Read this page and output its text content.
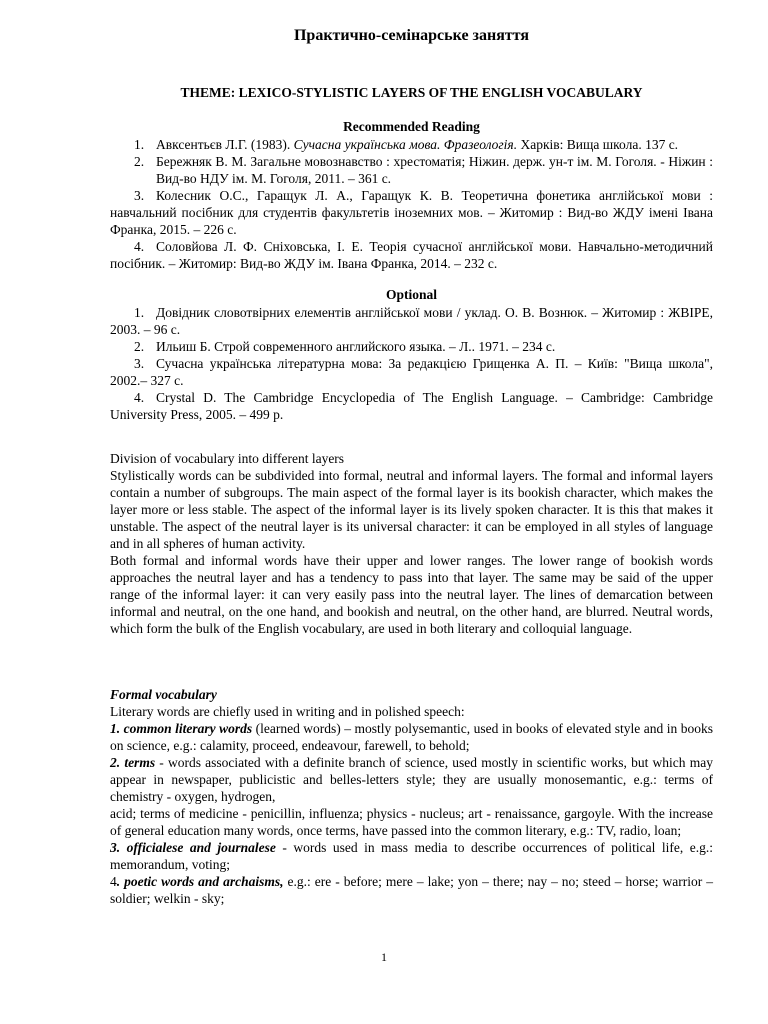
Практично-семінарське заняття
THEME: LEXICO-STYLISTIC LAYERS OF THE ENGLISH VOCABULARY
Recommended Reading
1. Авксентьєв Л.Г. (1983). Сучасна українська мова. Фразеологія. Харків: Вища школа. 137 с.
2. Бережняк В. М. Загальне мовознавство : хрестоматія; Ніжин. держ. ун-т ім. М. Гоголя. - Ніжин : Вид-во НДУ ім. М. Гоголя, 2011. – 361 с.
3. Колесник О.С., Гаращук Л. А., Гаращук К. В. Теоретична фонетика англійської мови : навчальний посібник для студентів факультетів іноземних мов. – Житомир : Вид-во ЖДУ імені Івана Франка, 2015. – 226 с.
4. Соловйова Л. Ф. Сніховська, І. Е. Теорія сучасної англійської мови. Навчально-методичний посібник. – Житомир: Вид-во ЖДУ ім. Івана Франка, 2014. – 232 с.
Optional
1. Довідник словотвірних елементів англійської мови / уклад. О. В. Вознюк. – Житомир : ЖВІРЕ, 2003. – 96 с.
2. Ильиш Б. Строй современного английского языка. – Л.. 1971. – 234 с.
3. Сучасна українська літературна мова: За редакцією Грищенка А. П. – Київ: "Вища школа", 2002.– 327 с.
4. Crystal D. The Cambridge Encyclopedia of The English Language. – Cambridge: Cambridge University Press, 2005. – 499 p.

Division of vocabulary into different layers

Stylistically words can be subdivided into formal, neutral and informal layers. The formal and informal layers contain a number of subgroups. The main aspect of the formal layer is its bookish character, which makes the layer more or less stable. The aspect of the informal layer is its lively spoken character. It is this that makes it unstable. The aspect of the neutral layer is its universal character: it can be employed in all styles of language and in all spheres of human activity.

Both formal and informal words have their upper and lower ranges. The lower range of bookish words approaches the neutral layer and has a tendency to pass into that layer. The same may be said of the upper range of the informal layer: it can very easily pass into the neutral layer. The lines of demarcation between informal and neutral, on the one hand, and bookish and neutral, on the other hand, are blurred. Neutral words, which form the bulk of the English vocabulary, are used in both literary and colloquial language.

Formal vocabulary

Literary words are chiefly used in writing and in polished speech:

1. common literary words (learned words) – mostly polysemantic, used in books of elevated style and in books on science, e.g.: calamity, proceed, endeavour, farewell, to behold;

2. terms - words associated with a definite branch of science, used mostly in scientific works, but which may appear in newspaper, publicistic and belles-letters style; they are usually monosemantic, e.g.: terms of chemistry - oxygen, hydrogen,

acid; terms of medicine - penicillin, influenza; physics - nucleus; art - renaissance, gargoyle. With the increase of general education many words, once terms, have passed into the common literary, e.g.: TV, radio, loan;

3. officialese and journalese - words used in mass media to describe occurrences of political life, e.g.: memorandum, voting;

4. poetic words and archaisms, e.g.: ere - before; mere – lake; yon – there; nay – no; steed – horse; warrior – soldier; welkin - sky;

1
